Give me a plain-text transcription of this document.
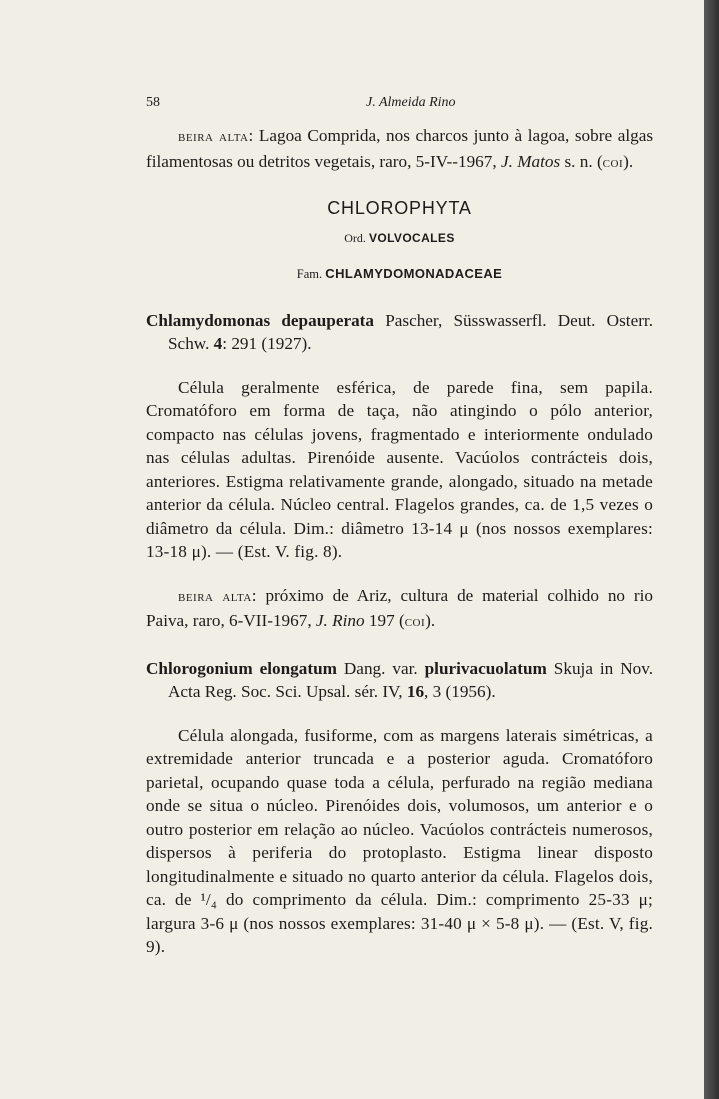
58	J. Almeida Rino

beira alta: Lagoa Comprida, nos charcos junto à lagoa, sobre algas filamentosas ou detritos vegetais, raro, 5-IV--1967, J. Matos s. n. (coi).

CHLOROPHYTA

Ord. VOLVOCALES

Fam. CHLAMYDOMONADACEAE

Chlamydomonas depauperata Pascher, Süsswasserfl. Deut. Osterr. Schw. 4: 291 (1927).

Célula geralmente esférica, de parede fina, sem papila. Cromatóforo em forma de taça, não atingindo o pólo anterior, compacto nas células jovens, fragmentado e interiormente ondulado nas células adultas. Pirenóide ausente. Vacúolos contrácteis dois, anteriores. Estigma relativamente grande, alongado, situado na metade anterior da célula. Núcleo central. Flagelos grandes, ca. de 1,5 vezes o diâmetro da célula. Dim.: diâmetro 13-14 μ (nos nossos exemplares: 13-18 μ). — (Est. V. fig. 8).

beira alta: próximo de Ariz, cultura de material colhido no rio Paiva, raro, 6-VII-1967, J. Rino 197 (coi).

Chlorogonium elongatum Dang. var. plurivacuolatum Skuja in Nov. Acta Reg. Soc. Sci. Upsal. sér. IV, 16, 3 (1956).

Célula alongada, fusiforme, com as margens laterais simétricas, a extremidade anterior truncada e a posterior aguda. Cromatóforo parietal, ocupando quase toda a célula, perfurado na região mediana onde se situa o núcleo. Pirenóides dois, volumosos, um anterior e o outro posterior em relação ao núcleo. Vacúolos contrácteis numerosos, dispersos à periferia do protoplasto. Estigma linear disposto longitudinalmente e situado no quarto anterior da célula. Flagelos dois, ca. de ¹/₄ do comprimento da célula. Dim.: comprimento 25-33 μ; largura 3-6 μ (nos nossos exemplares: 31-40 μ × 5-8 μ). — (Est. V, fig. 9).
